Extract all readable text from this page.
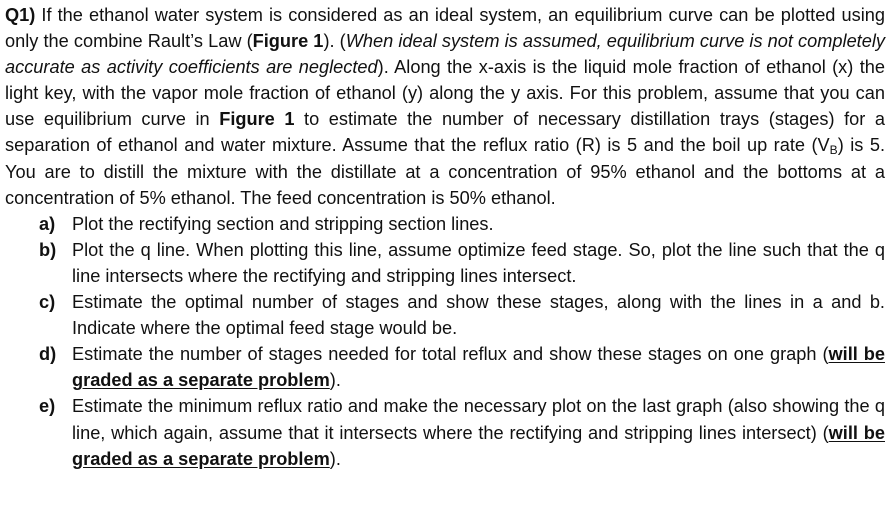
Q1) If the ethanol water system is considered as an ideal system, an equilibrium curve can be plotted using only the combine Rault’s Law (Figure 1). (When ideal system is assumed, equilibrium curve is not completely accurate as activity coefficients are neglected). Along the x-axis is the liquid mole fraction of ethanol (x) the light key, with the vapor mole fraction of ethanol (y) along the y axis. For this problem, assume that you can use equilibrium curve in Figure 1 to estimate the number of necessary distillation trays (stages) for a separation of ethanol and water mixture. Assume that the reflux ratio (R) is 5 and the boil up rate $(V_B)$ is 5. You are to distill the mixture with the distillate at a concentration of 95% ethanol and the bottoms at a concentration of 5% ethanol. The feed concentration is 50% ethanol.

a) Plot the rectifying section and stripping section lines.
b) Plot the q line. When plotting this line, assume optimize feed stage. So, plot the line such that the q line intersects where the rectifying and stripping lines intersect.
c) Estimate the optimal number of stages and show these stages, along with the lines in a and b. Indicate where the optimal feed stage would be.
d) Estimate the number of stages needed for total reflux and show these stages on one graph (will be graded as a separate problem).
e) Estimate the minimum reflux ratio and make the necessary plot on the last graph (also showing the q line, which again, assume that it intersects where the rectifying and stripping lines intersect) (will be graded as a separate problem).
